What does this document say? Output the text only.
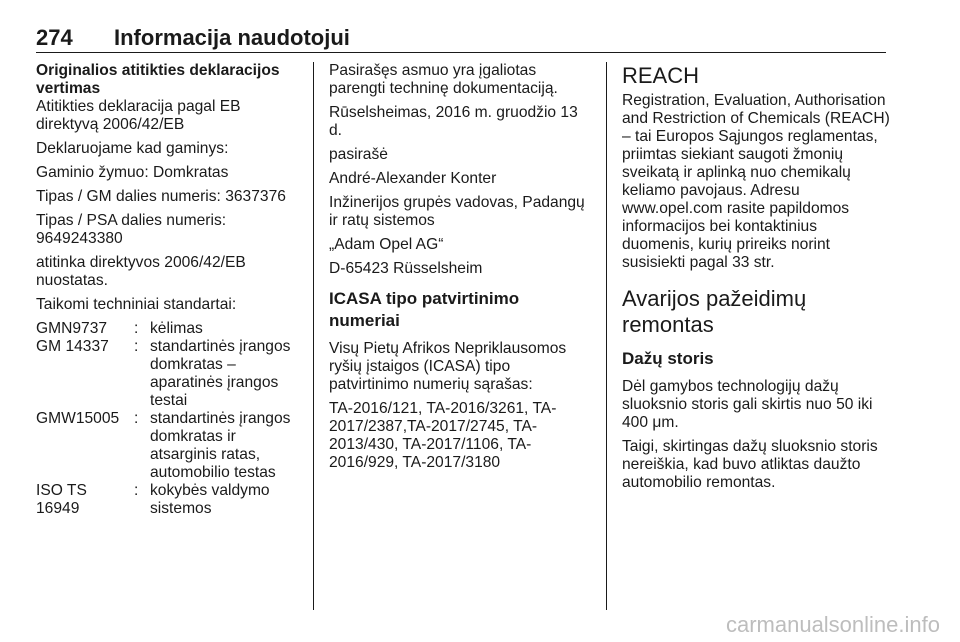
274 Informacija naudotojui

Originalios atitikties deklaracijos vertimas

Atitikties deklaracija pagal EB direktyvą 2006/42/EB

Deklaruojame kad gaminys:

Gaminio žymuo: Domkratas

Tipas / GM dalies numeris: 3637376

Tipas / PSA dalies numeris: 9649243380

atitinka direktyvos 2006/42/EB nuostatas.

Taikomi techniniai standartai:

GMN9737	: kėlimas
GM 14337	: standartinės įrangos domkratas – aparatinės įrangos testai
GMW15005 : standartinės įrangos domkratas ir atsarginis ratas, automobilio testas
ISO TS 16949
: kokybės valdymo sistemos

Pasirašęs asmuo yra įgaliotas parengti techninę dokumentaciją.

Rūselsheimas, 2016 m. gruodžio 13 d.

pasirašė

André-Alexander Konter

Inžinerijos grupės vadovas, Padangų ir ratų sistemos

„Adam Opel AG“

D-65423 Rüsselsheim

ICASA tipo patvirtinimo numeriai

Visų Pietų Afrikos Nepriklausomos ryšių įstaigos (ICASA) tipo patvirtinimo numerių sąrašas:

TA-2016/121, TA-2016/3261, TA-2017/2387,TA-2017/2745, TA-2013/430, TA-2017/1106, TA-2016/929, TA-2017/3180

REACH

Registration, Evaluation, Authorisation and Restriction of Chemicals (REACH) – tai Europos Sąjungos reglamentas, priimtas siekiant saugoti žmonių sveikatą ir aplinką nuo chemikalų keliamo pavojaus. Adresu www.opel.com rasite papildomos informacijos bei kontaktinius duomenis, kurių prireiks norint susisiekti pagal 33 str.

Avarijos pažeidimų remontas

Dažų storis

Dėl gamybos technologijų dažų sluoksnio storis gali skirtis nuo 50 iki 400 μm.

Taigi, skirtingas dažų sluoksnio storis nereiškia, kad buvo atliktas daužto automobilio remontas.

carmanualsonline.info
